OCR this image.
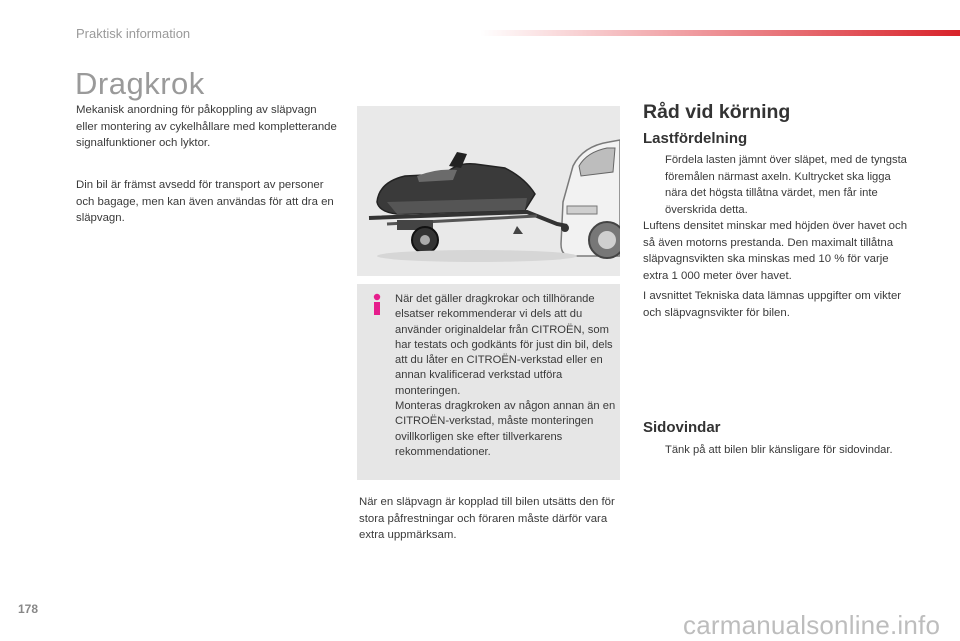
Praktisk information
Dragkrok
Mekanisk anordning för påkoppling av släpvagn eller montering av cykelhållare med kompletterande signalfunktioner och lyktor.
Din bil är främst avsedd för transport av personer och bagage, men kan även användas för att dra en släpvagn.

När det gäller dragkrokar och tillhörande elsatser rekommenderar vi dels att du använder originaldelar från CITROËN, som har testats och godkänts för just din bil, dels att du låter en CITROËN-verkstad eller en annan kvalificerad verkstad utföra monteringen.

Monteras dragkroken av någon annan än en CITROËN-verkstad, måste monteringen ovillkorligen ske efter tillverkarens rekommendationer.

När en släpvagn är kopplad till bilen utsätts den för stora påfrestningar och föraren måste därför vara extra uppmärksam.
Råd vid körning
Lastfördelning
Fördela lasten jämnt över släpet, med de tyngsta föremålen närmast axeln. Kultrycket ska ligga nära det högsta tillåtna värdet, men får inte överskrida detta.
Luftens densitet minskar med höjden över havet och så även motorns prestanda. Den maximalt tillåtna släpvagnsvikten ska minskas med 10 % för varje extra 1 000 meter över havet.
I avsnittet Tekniska data lämnas uppgifter om vikter och släpvagnsvikter för bilen.
Sidovindar
Tänk på att bilen blir känsligare för sidovindar.
178
carmanualsonline.info
